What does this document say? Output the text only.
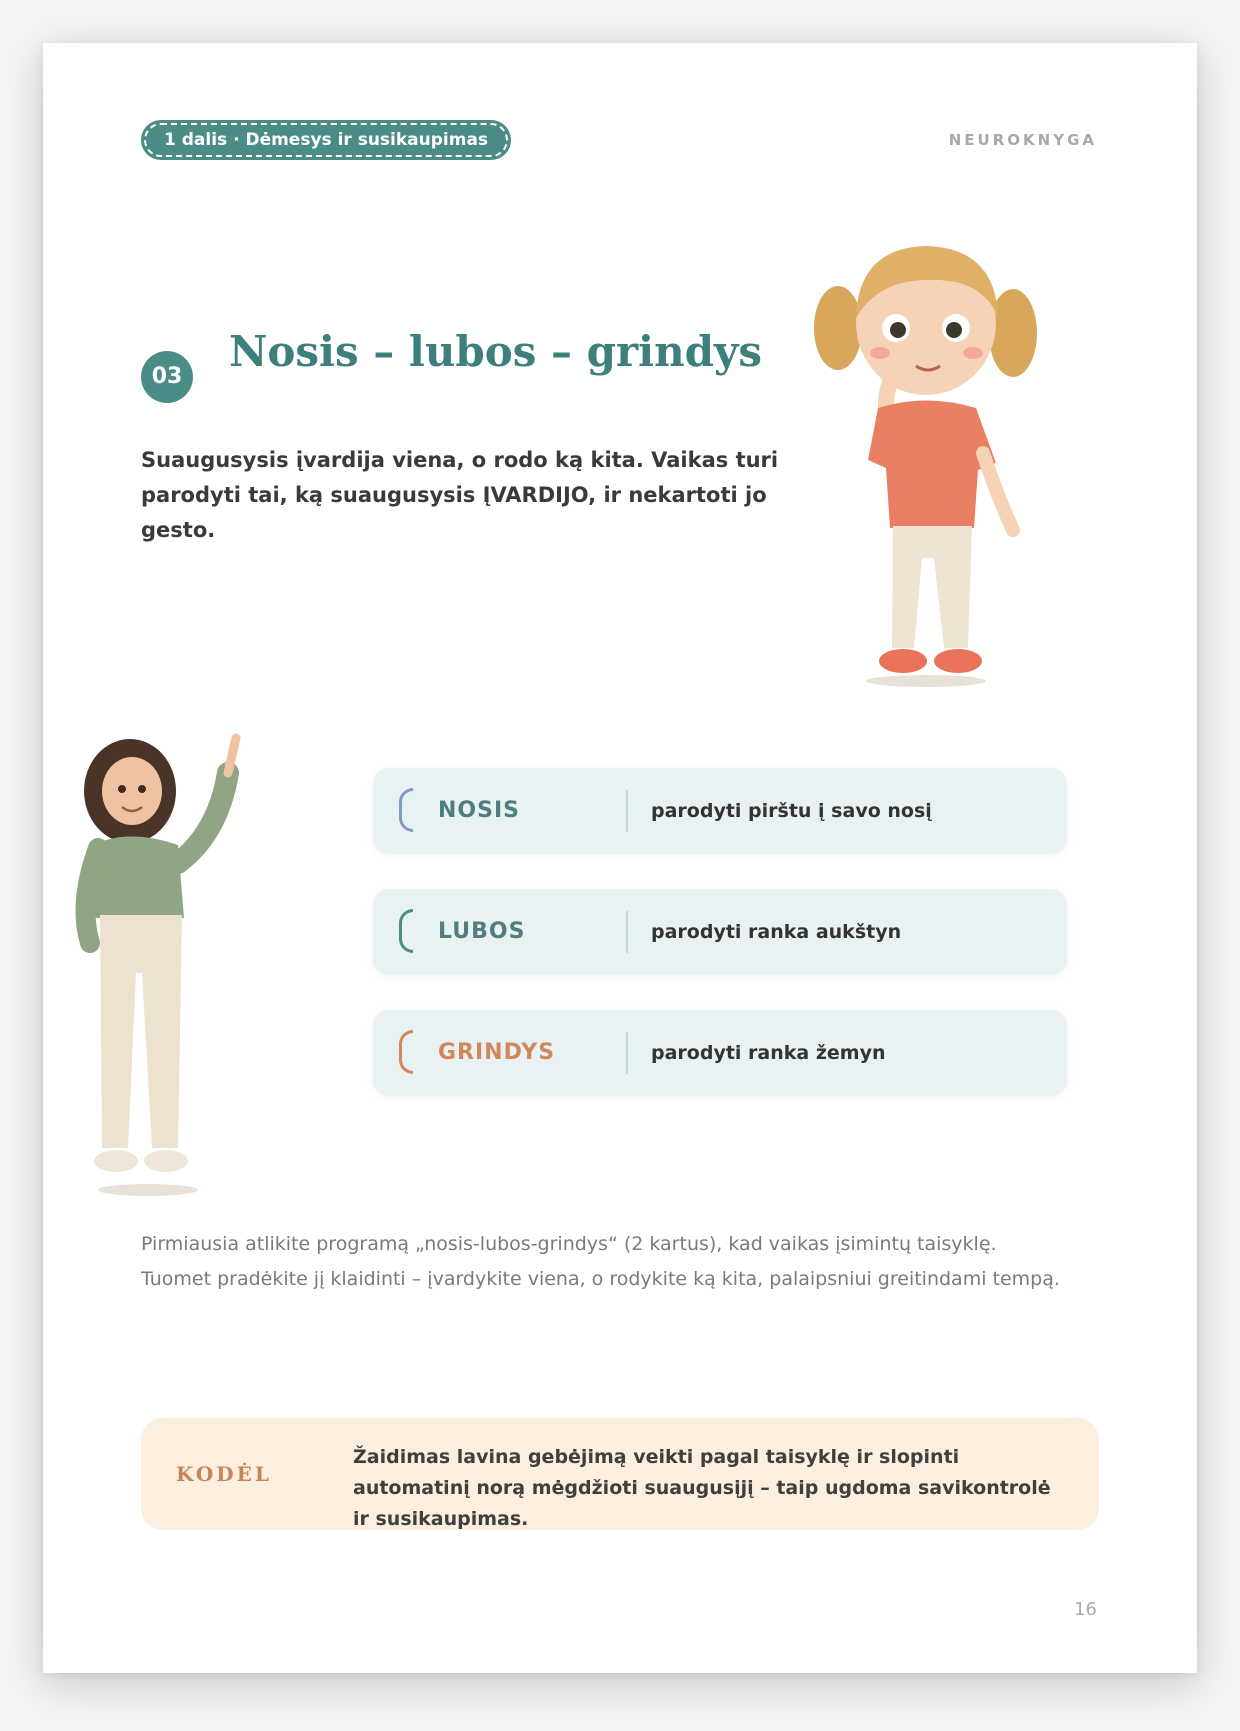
1 dalis · Dėmesys ir susikaupimas	NEUROKNYGA
03
Nosis – lubos – grindys
Suaugusysis įvardija viena, o rodo ką kita. Vaikas turi parodyti tai, ką suaugusysis ĮVARDIJO, ir nekartoti jo gesto.
NOSIS	parodyti pirštu į savo nosį
LUBOS	parodyti ranka aukštyn
GRINDYS	parodyti ranka žemyn
Pirmiausia atlikite programą „nosis-lubos-grindys“ (2 kartus), kad vaikas įsimintų taisyklę. Tuomet pradėkite jį klaidinti – įvardykite viena, o rodykite ką kita, palaipsniui greitindami tempą.
KODĖL
Žaidimas lavina gebėjimą veikti pagal taisyklę ir slopinti automatinį norą mėgdžioti suaugusįjį – taip ugdoma savikontrolė ir susikaupimas.
16
